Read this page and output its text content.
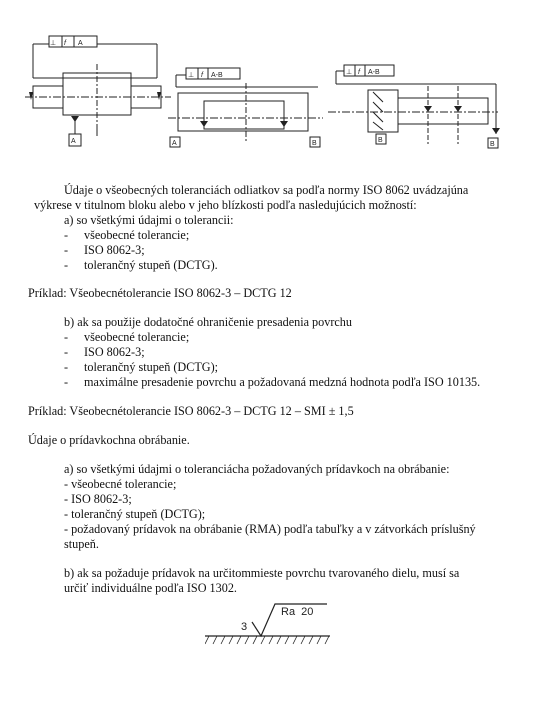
⊥ f A
A
⊥ f A-B
A	B
⊥ f A-B
B
B
Údaje o všeobecných toleranciách odliatkov sa podľa normy ISO 8062 uvádzajúna
výkrese v titulnom bloku alebo v jeho blízkosti podľa nasledujúcich možností:
a) so všetkými údajmi o tolerancii:
- všeobecné tolerancie;
- ISO 8062-3;
- tolerančný stupeň (DCTG).
Príklad: Všeobecnétolerancie ISO 8062-3 – DCTG 12
b) ak sa použije dodatočné ohraničenie presadenia povrchu
- všeobecné tolerancie;
- ISO 8062-3;
- tolerančný stupeň (DCTG);
- maximálne presadenie povrchu a požadovaná medzná hodnota podľa ISO 10135.
Príklad: Všeobecnétolerancie ISO 8062-3 – DCTG 12 – SMI ± 1,5
Údaje o prídavkochna obrábanie.
a) so všetkými údajmi o toleranciácha požadovaných prídavkoch na obrábanie:
- všeobecné tolerancie;
- ISO 8062-3;
- tolerančný stupeň (DCTG);
- požadovaný prídavok na obrábanie (RMA) podľa tabuľky a v zátvorkách príslušný
stupeň.
b) ak sa požaduje prídavok na určitommieste povrchu tvarovaného dielu, musí sa
určiť individuálne podľa ISO 1302.
3
Ra  20
